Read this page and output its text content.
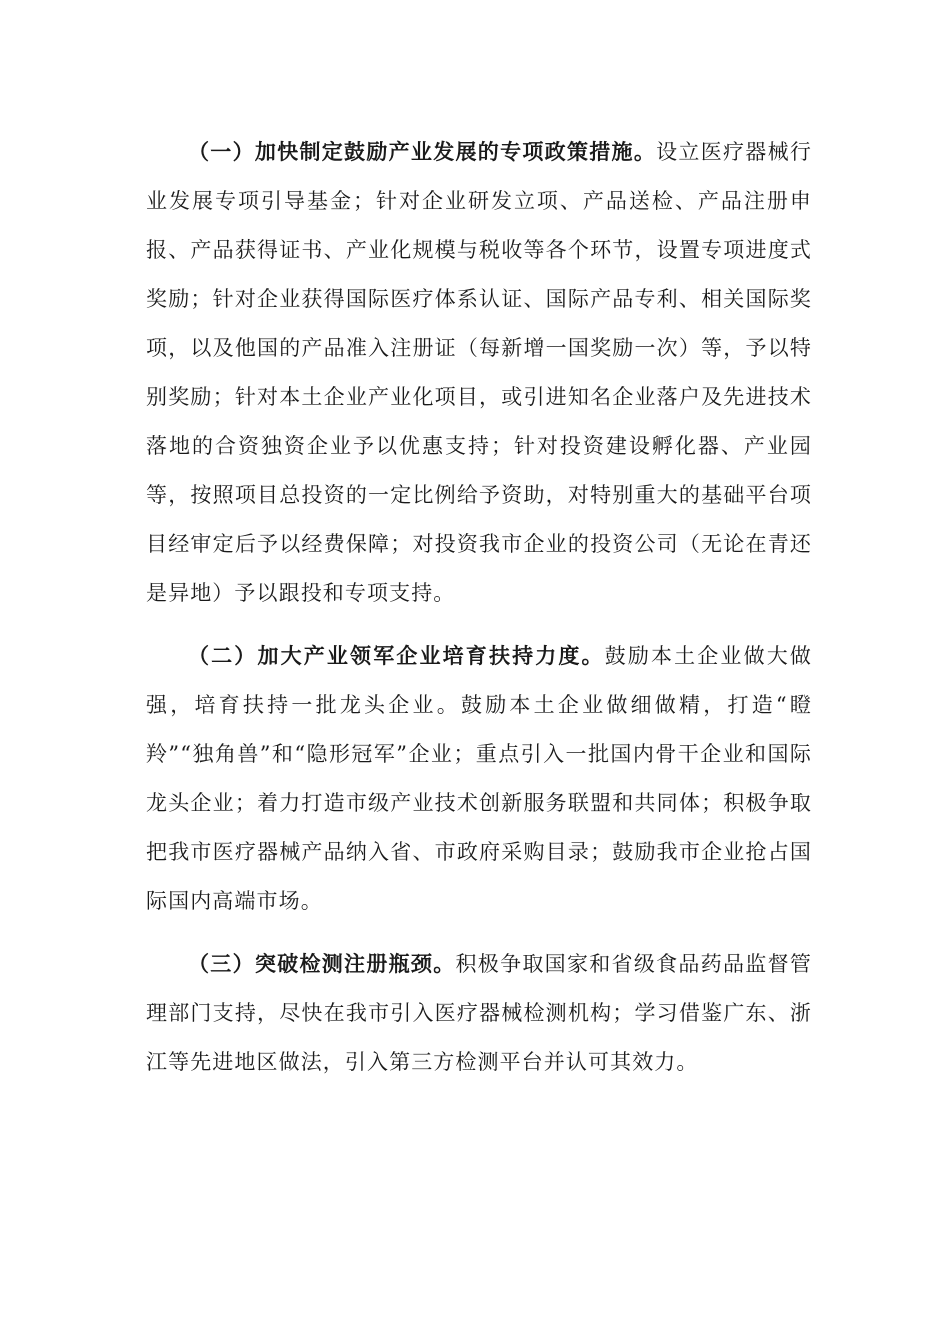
（一）加快制定鼓励产业发展的专项政策措施。设立医疗器械行业发展专项引导基金；针对企业研发立项、产品送检、产品注册申报、产品获得证书、产业化规模与税收等各个环节，设置专项进度式奖励；针对企业获得国际医疗体系认证、国际产品专利、相关国际奖项，以及他国的产品准入注册证（每新增一国奖励一次）等，予以特别奖励；针对本土企业产业化项目，或引进知名企业落户及先进技术落地的合资独资企业予以优惠支持；针对投资建设孵化器、产业园等，按照项目总投资的一定比例给予资助，对特别重大的基础平台项目经审定后予以经费保障；对投资我市企业的投资公司（无论在青还是异地）予以跟投和专项支持。

（二）加大产业领军企业培育扶持力度。鼓励本土企业做大做强，培育扶持一批龙头企业。鼓励本土企业做细做精，打造“瞪羚”“独角兽”和“隐形冠军”企业；重点引入一批国内骨干企业和国际龙头企业；着力打造市级产业技术创新服务联盟和共同体；积极争取把我市医疗器械产品纳入省、市政府采购目录；鼓励我市企业抢占国际国内高端市场。

（三）突破检测注册瓶颈。积极争取国家和省级食品药品监督管理部门支持，尽快在我市引入医疗器械检测机构；学习借鉴广东、浙江等先进地区做法，引入第三方检测平台并认可其效力。
